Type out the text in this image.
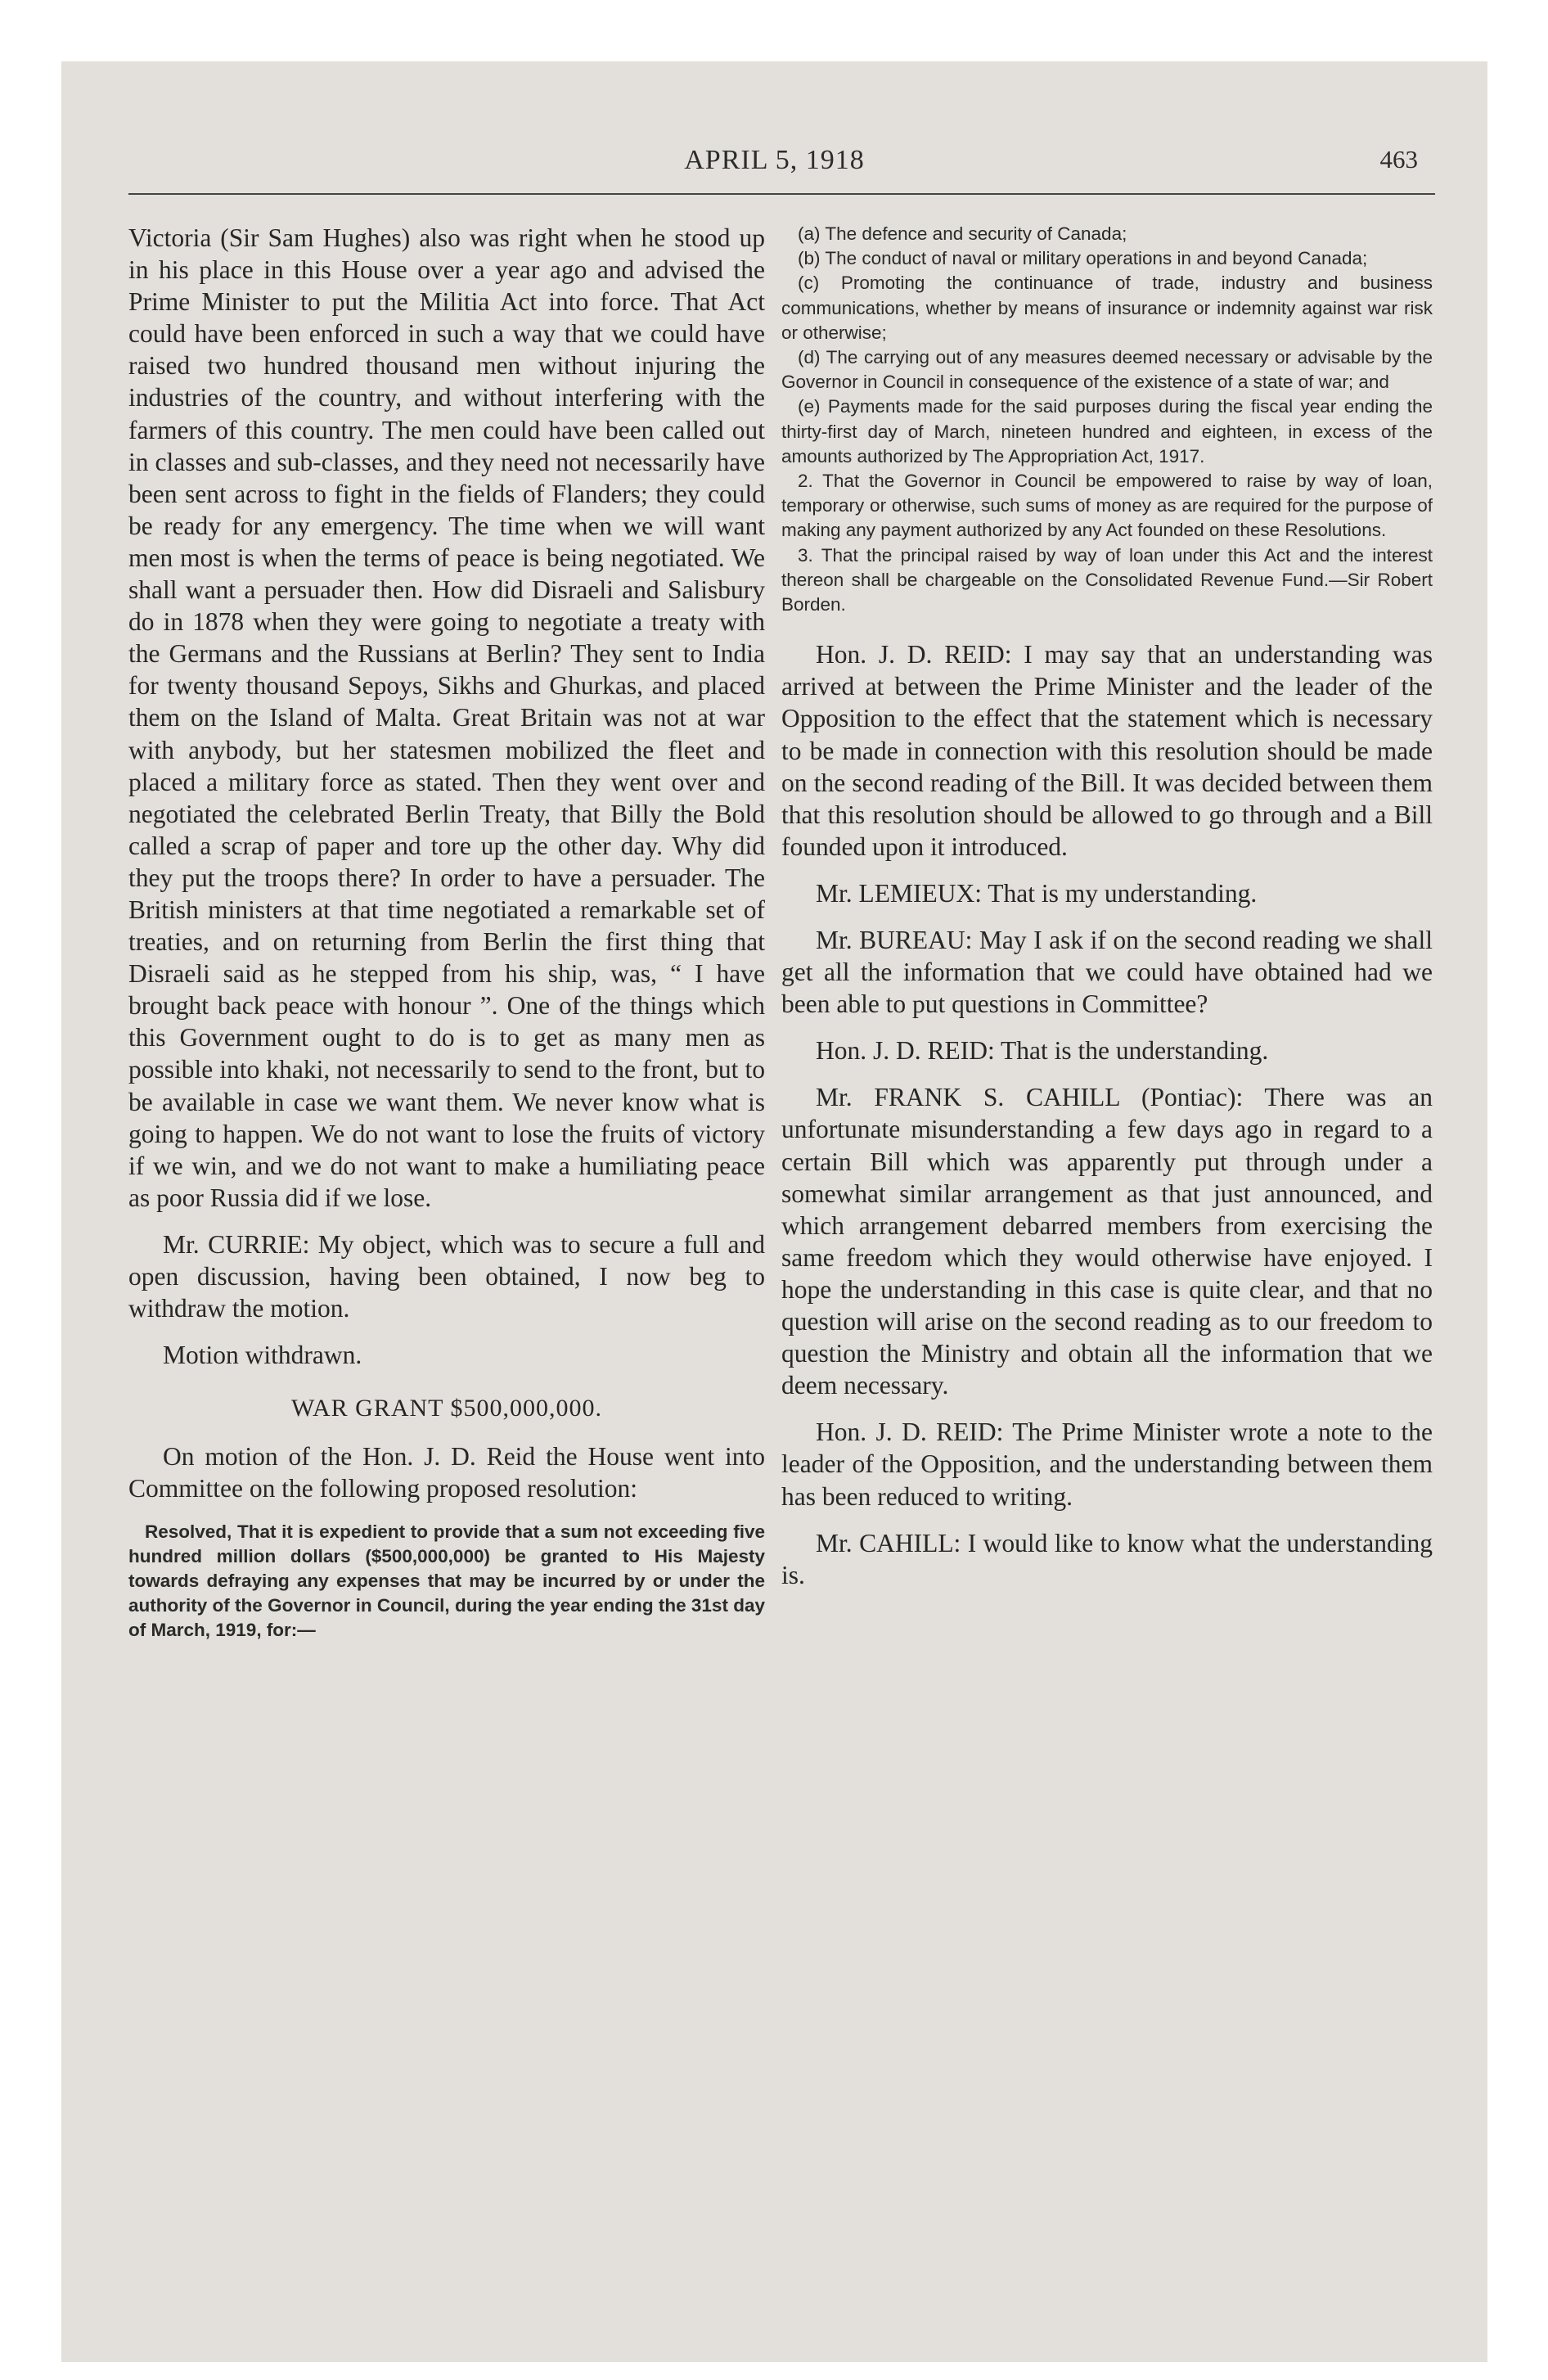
APRIL 5, 1918	463

Victoria (Sir Sam Hughes) also was right when he stood up in his place in this House over a year ago and advised the Prime Minister to put the Militia Act into force. That Act could have been enforced in such a way that we could have raised two hundred thousand men without injuring the industries of the country, and without interfering with the farmers of this country. The men could have been called out in classes and sub-classes, and they need not necessarily have been sent across to fight in the fields of Flanders; they could be ready for any emergency. The time when we will want men most is when the terms of peace is being negotiated. We shall want a persuader then. How did Disraeli and Salisbury do in 1878 when they were going to negotiate a treaty with the Germans and the Russians at Berlin? They sent to India for twenty thousand Sepoys, Sikhs and Ghurkas, and placed them on the Island of Malta. Great Britain was not at war with anybody, but her statesmen mobilized the fleet and placed a military force as stated. Then they went over and negotiated the celebrated Berlin Treaty, that Billy the Bold called a scrap of paper and tore up the other day. Why did they put the troops there? In order to have a persuader. The British ministers at that time negotiated a remarkable set of treaties, and on returning from Berlin the first thing that Disraeli said as he stepped from his ship, was, “ I have brought back peace with honour ”. One of the things which this Government ought to do is to get as many men as possible into khaki, not necessarily to send to the front, but to be available in case we want them. We never know what is going to happen. We do not want to lose the fruits of victory if we win, and we do not want to make a humiliating peace as poor Russia did if we lose.

Mr. CURRIE: My object, which was to secure a full and open discussion, having been obtained, I now beg to withdraw the motion.

Motion withdrawn.

WAR GRANT $500,000,000.

On motion of the Hon. J. D. Reid the House went into Committee on the following proposed resolution:

Resolved, That it is expedient to provide that a sum not exceeding five hundred million dollars ($500,000,000) be granted to His Majesty towards defraying any expenses that may be incurred by or under the authority of the Governor in Council, during the year ending the 31st day of March, 1919, for:—

(a) The defence and security of Canada;

(b) The conduct of naval or military operations in and beyond Canada;

(c) Promoting the continuance of trade, industry and business communications, whether by means of insurance or indemnity against war risk or otherwise;

(d) The carrying out of any measures deemed necessary or advisable by the Governor in Council in consequence of the existence of a state of war; and

(e) Payments made for the said purposes during the fiscal year ending the thirty-first day of March, nineteen hundred and eighteen, in excess of the amounts authorized by The Appropriation Act, 1917.

2. That the Governor in Council be empowered to raise by way of loan, temporary or otherwise, such sums of money as are required for the purpose of making any payment authorized by any Act founded on these Resolutions.

3. That the principal raised by way of loan under this Act and the interest thereon shall be chargeable on the Consolidated Revenue Fund.—Sir Robert Borden.

Hon. J. D. REID: I may say that an understanding was arrived at between the Prime Minister and the leader of the Opposition to the effect that the statement which is necessary to be made in connection with this resolution should be made on the second reading of the Bill. It was decided between them that this resolution should be allowed to go through and a Bill founded upon it introduced.

Mr. LEMIEUX: That is my understanding.

Mr. BUREAU: May I ask if on the second reading we shall get all the information that we could have obtained had we been able to put questions in Committee?

Hon. J. D. REID: That is the understanding.

Mr. FRANK S. CAHILL (Pontiac): There was an unfortunate misunderstanding a few days ago in regard to a certain Bill which was apparently put through under a somewhat similar arrangement as that just announced, and which arrangement debarred members from exercising the same freedom which they would otherwise have enjoyed. I hope the understanding in this case is quite clear, and that no question will arise on the second reading as to our freedom to question the Ministry and obtain all the information that we deem necessary.

Hon. J. D. REID: The Prime Minister wrote a note to the leader of the Opposition, and the understanding between them has been reduced to writing.

Mr. CAHILL: I would like to know what the understanding is.
